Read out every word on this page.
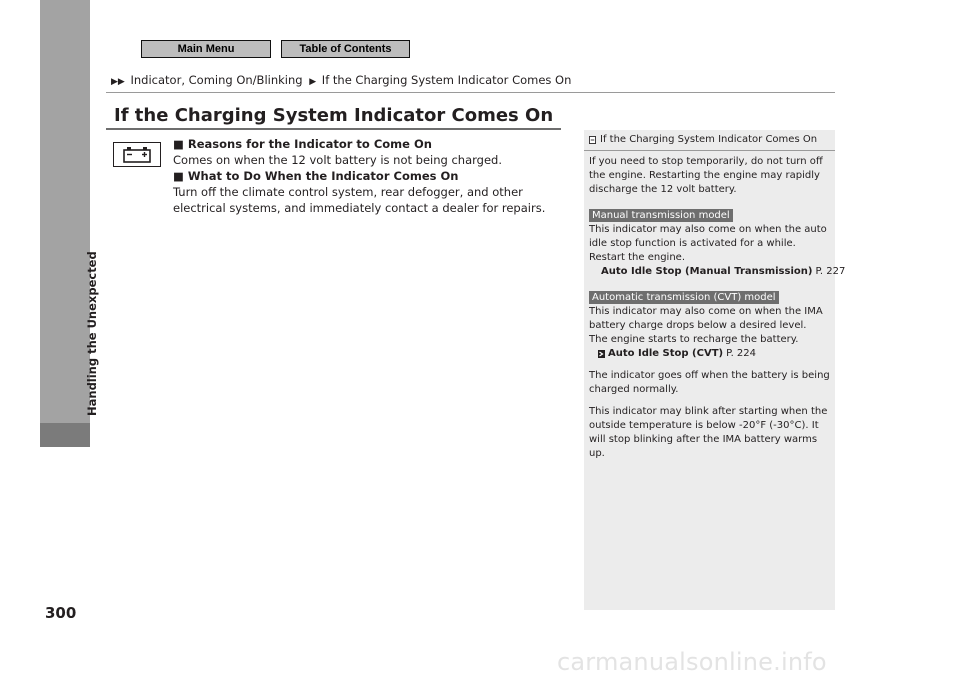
Main Menu	Table of Contents
▶▶ Indicator, Coming On/Blinking ▶ If the Charging System Indicator Comes On
Handling the Unexpected
300
If the Charging System Indicator Comes On
■ Reasons for the Indicator to Come On
Comes on when the 12 volt battery is not being charged.
■ What to Do When the Indicator Comes On
Turn off the climate control system, rear defogger, and other electrical systems, and immediately contact a dealer for repairs.
If the Charging System Indicator Comes On

If you need to stop temporarily, do not turn off the engine. Restarting the engine may rapidly discharge the 12 volt battery.

Manual transmission model

This indicator may also come on when the auto idle stop function is activated for a while. Restart the engine.

Auto Idle Stop (Manual Transmission) P. 227
Automatic transmission (CVT) model

This indicator may also come on when the IMA battery charge drops below a desired level.

The engine starts to recharge the battery.

Auto Idle Stop (CVT) P. 224

The indicator goes off when the battery is being charged normally.

This indicator may blink after starting when the outside temperature is below -20°F (-30°C). It will stop blinking after the IMA battery warms up.

carmanualsonline.info
